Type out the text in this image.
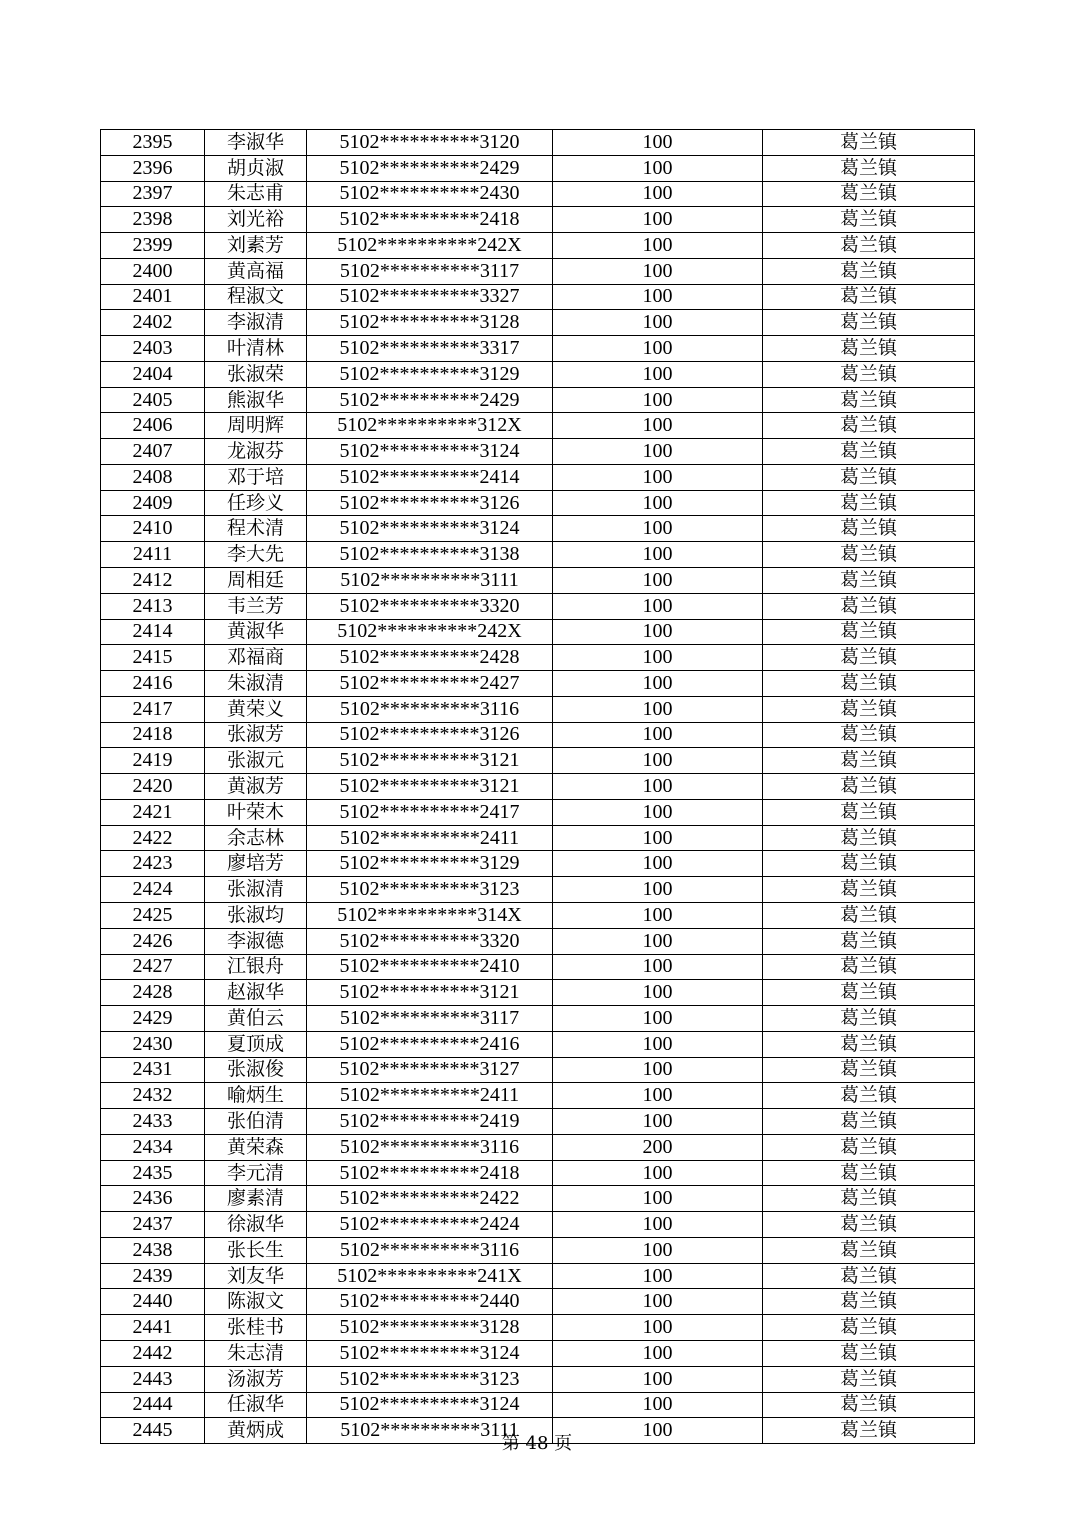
2395	李淑华	5102**********3120	100	葛兰镇
2396	胡贞淑	5102**********2429	100	葛兰镇
2397	朱志甫	5102**********2430	100	葛兰镇
2398	刘光裕	5102**********2418	100	葛兰镇
2399	刘素芳	5102**********242X	100	葛兰镇
2400	黄高福	5102**********3117	100	葛兰镇
2401	程淑文	5102**********3327	100	葛兰镇
2402	李淑清	5102**********3128	100	葛兰镇
2403	叶清林	5102**********3317	100	葛兰镇
2404	张淑荣	5102**********3129	100	葛兰镇
2405	熊淑华	5102**********2429	100	葛兰镇
2406	周明辉	5102**********312X	100	葛兰镇
2407	龙淑芬	5102**********3124	100	葛兰镇
2408	邓于培	5102**********2414	100	葛兰镇
2409	任珍义	5102**********3126	100	葛兰镇
2410	程术清	5102**********3124	100	葛兰镇
2411	李大先	5102**********3138	100	葛兰镇
2412	周相廷	5102**********3111	100	葛兰镇
2413	韦兰芳	5102**********3320	100	葛兰镇
2414	黄淑华	5102**********242X	100	葛兰镇
2415	邓福商	5102**********2428	100	葛兰镇
2416	朱淑清	5102**********2427	100	葛兰镇
2417	黄荣义	5102**********3116	100	葛兰镇
2418	张淑芳	5102**********3126	100	葛兰镇
2419	张淑元	5102**********3121	100	葛兰镇
2420	黄淑芳	5102**********3121	100	葛兰镇
2421	叶荣木	5102**********2417	100	葛兰镇
2422	余志林	5102**********2411	100	葛兰镇
2423	廖培芳	5102**********3129	100	葛兰镇
2424	张淑清	5102**********3123	100	葛兰镇
2425	张淑均	5102**********314X	100	葛兰镇
2426	李淑德	5102**********3320	100	葛兰镇
2427	江银舟	5102**********2410	100	葛兰镇
2428	赵淑华	5102**********3121	100	葛兰镇
2429	黄伯云	5102**********3117	100	葛兰镇
2430	夏顶成	5102**********2416	100	葛兰镇
2431	张淑俊	5102**********3127	100	葛兰镇
2432	喻炳生	5102**********2411	100	葛兰镇
2433	张伯清	5102**********2419	100	葛兰镇
2434	黄荣森	5102**********3116	200	葛兰镇
2435	李元清	5102**********2418	100	葛兰镇
2436	廖素清	5102**********2422	100	葛兰镇
2437	徐淑华	5102**********2424	100	葛兰镇
2438	张长生	5102**********3116	100	葛兰镇
2439	刘友华	5102**********241X	100	葛兰镇
2440	陈淑文	5102**********2440	100	葛兰镇
2441	张桂书	5102**********3128	100	葛兰镇
2442	朱志清	5102**********3124	100	葛兰镇
2443	汤淑芳	5102**********3123	100	葛兰镇
2444	任淑华	5102**********3124	100	葛兰镇
2445	黄炳成	5102**********3111	100	葛兰镇
第 48 页
